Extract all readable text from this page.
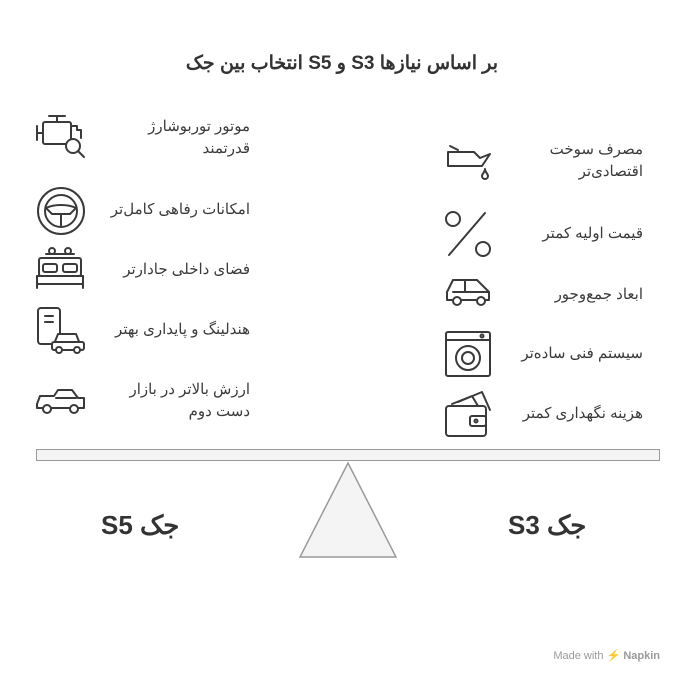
بر اساس نیازها S3 و S5 انتخاب بین جک
موتور توربوشارژ
قدرتمند
امکانات رفاهی کامل‌تر
فضای داخلی جادارتر
هندلینگ و پایداری بهتر
ارزش بالاتر در بازار
دست دوم
مصرف سوخت
اقتصادی‌تر
قیمت اولیه کمتر
ابعاد جمع‌وجور
سیستم فنی ساده‌تر
هزینه نگهداری کمتر
جک S5	جک S3
Made with ⚡ Napkin
